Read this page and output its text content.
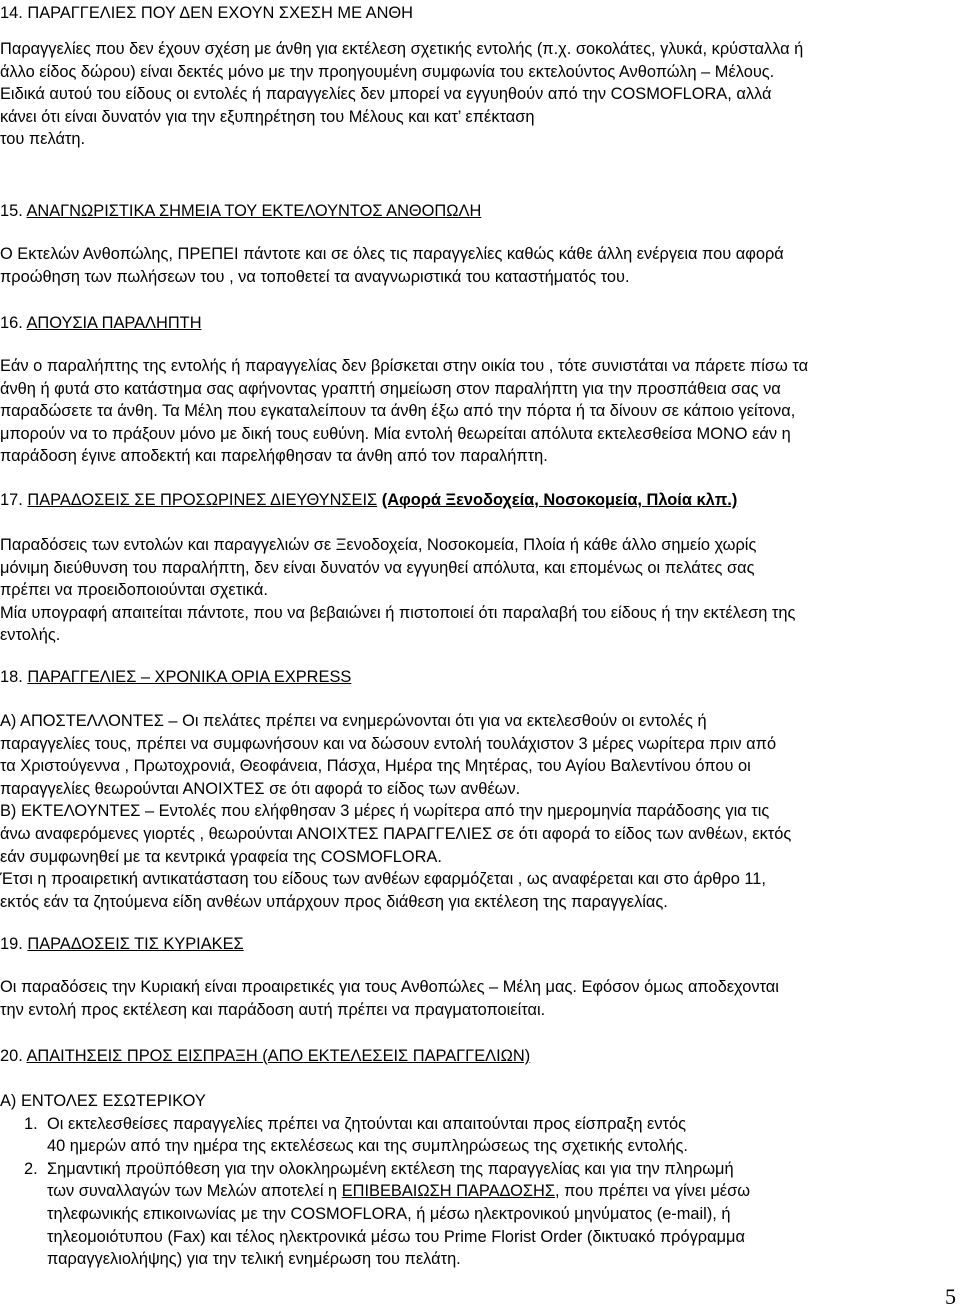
14. ΠΑΡΑΓΓΕΛΙΕΣ ΠΟΥ ΔΕΝ ΕΧΟΥΝ ΣΧΕΣΗ ΜΕ ΑΝΘΗ
Παραγγελίες που δεν έχουν σχέση με άνθη για εκτέλεση σχετικής εντολής (π.χ. σοκολάτες, γλυκά, κρύσταλλα ή
άλλο είδος δώρου) είναι δεκτές μόνο με την προηγουμένη συμφωνία του εκτελούντος Ανθοπώλη – Μέλους.
Ειδικά αυτού του είδους οι εντολές ή παραγγελίες δεν μπορεί να εγγυηθούν από την COSMOFLORA, αλλά
κάνει ότι είναι δυνατόν για την εξυπηρέτηση του Μέλους και κατ’ επέκταση
του πελάτη.
15. ΑΝΑΓΝΩΡΙΣΤΙΚΑ ΣΗΜΕΙΑ ΤΟΥ ΕΚΤΕΛΟΥΝΤΟΣ ΑΝΘΟΠΩΛΗ
Ο Εκτελών Ανθοπώλης, ΠΡΕΠΕΙ πάντοτε και σε όλες τις παραγγελίες καθώς κάθε άλλη ενέργεια που αφορά
προώθηση των πωλήσεων του , να τοποθετεί τα αναγνωριστικά του καταστήματός του.
16. ΑΠΟΥΣΙΑ ΠΑΡΑΛΗΠΤΗ
Εάν ο παραλήπτης της εντολής ή παραγγελίας δεν βρίσκεται στην οικία του , τότε συνιστάται να πάρετε πίσω τα
άνθη ή φυτά στο κατάστημα σας αφήνοντας γραπτή σημείωση στον παραλήπτη για την προσπάθεια σας να
παραδώσετε τα άνθη. Τα Μέλη που εγκαταλείπουν τα άνθη έξω από την πόρτα ή τα δίνουν σε κάποιο γείτονα,
μπορούν να το πράξουν μόνο με δική τους ευθύνη. Μία εντολή θεωρείται απόλυτα εκτελεσθείσα ΜΟΝΟ εάν η
παράδοση έγινε αποδεκτή και παρελήφθησαν τα άνθη από τον παραλήπτη.
17. ΠΑΡΑΔΟΣΕΙΣ ΣΕ ΠΡΟΣΩΡΙΝΕΣ ΔΙΕΥΘΥΝΣΕΙΣ (Αφορά Ξενοδοχεία, Νοσοκομεία, Πλοία κλπ.)
Παραδόσεις των εντολών και παραγγελιών σε Ξενοδοχεία, Νοσοκομεία, Πλοία ή κάθε άλλο σημείο χωρίς
μόνιμη διεύθυνση του παραλήπτη, δεν είναι δυνατόν να εγγυηθεί απόλυτα, και επομένως οι πελάτες σας
πρέπει να προειδοποιούνται σχετικά.
Μία υπογραφή απαιτείται πάντοτε, που να βεβαιώνει ή πιστοποιεί ότι παραλαβή του είδους ή την εκτέλεση της
εντολής.
18. ΠΑΡΑΓΓΕΛΙΕΣ – ΧΡΟΝΙΚΑ ΟΡΙΑ EXPRESS
Α) ΑΠΟΣΤΕΛΛΟΝΤΕΣ – Οι πελάτες πρέπει να ενημερώνονται ότι για να εκτελεσθούν οι εντολές ή
παραγγελίες τους, πρέπει να συμφωνήσουν και να δώσουν εντολή τουλάχιστον 3 μέρες νωρίτερα πριν από
τα Χριστούγεννα , Πρωτοχρονιά, Θεοφάνεια, Πάσχα, Ημέρα της Μητέρας, του Αγίου Βαλεντίνου όπου οι
παραγγελίες θεωρούνται ΑΝΟΙΧΤΕΣ σε ότι αφορά το είδος των ανθέων.
Β) ΕΚΤΕΛΟΥΝΤΕΣ – Εντολές που ελήφθησαν 3 μέρες ή νωρίτερα από την ημερομηνία παράδοσης για τις
άνω αναφερόμενες γιορτές , θεωρούνται ΑΝΟΙΧΤΕΣ ΠΑΡΑΓΓΕΛΙΕΣ σε ότι αφορά το είδος των ανθέων, εκτός
εάν συμφωνηθεί με τα κεντρικά γραφεία της COSMOFLORA.
Έτσι η προαιρετική αντικατάσταση του είδους των ανθέων εφαρμόζεται , ως αναφέρεται και στο άρθρο 11,
εκτός εάν τα ζητούμενα είδη ανθέων υπάρχουν προς διάθεση για εκτέλεση της παραγγελίας.
19. ΠΑΡΑΔΟΣΕΙΣ ΤΙΣ ΚΥΡΙΑΚΕΣ
Οι παραδόσεις την Κυριακή είναι προαιρετικές για τους Ανθοπώλες – Μέλη μας. Εφόσον όμως αποδεχονται
την εντολή προς εκτέλεση και παράδοση αυτή πρέπει να πραγματοποιείται.
20. ΑΠΑΙΤΗΣΕΙΣ ΠΡΟΣ ΕΙΣΠΡΑΞΗ (ΑΠΟ ΕΚΤΕΛΕΣΕΙΣ ΠΑΡΑΓΓΕΛΙΩΝ)
Α) ΕΝΤΟΛΕΣ ΕΣΩΤΕΡΙΚΟΥ
1. Οι εκτελεσθείσες παραγγελίες πρέπει να ζητούνται και απαιτούνται προς είσπραξη εντός
40 ημερών από την ημέρα της εκτελέσεως και της συμπληρώσεως της σχετικής εντολής.
2. Σημαντική προϋπόθεση για την ολοκληρωμένη εκτέλεση της παραγγελίας και για την πληρωμή
των συναλλαγών των Μελών αποτελεί η ΕΠΙΒΕΒΑΙΩΣΗ ΠΑΡΑΔΟΣΗΣ, που πρέπει να γίνει μέσω
τηλεφωνικής επικοινωνίας με την COSMOFLORA, ή μέσω ηλεκτρονικού μηνύματος (e-mail), ή
τηλεομοιότυπου (Fax) και τέλος ηλεκτρονικά μέσω του Prime Florist Order (δικτυακό πρόγραμμα
παραγγελιολήψης) για την τελική ενημέρωση του πελάτη.
5
